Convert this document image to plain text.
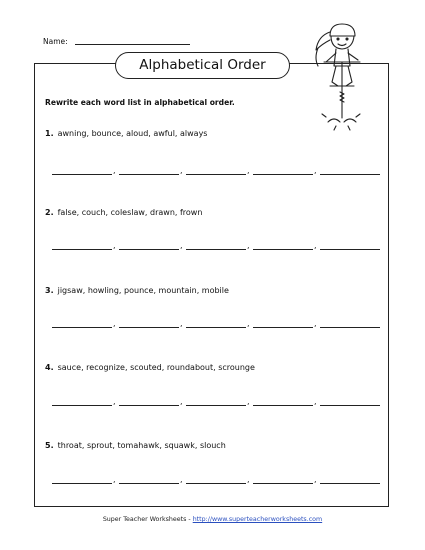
Name:
Alphabetical Order
Rewrite each word list in alphabetical order.
1. awning, bounce, aloud, awful, always
,	,	,	,
2. false, couch, coleslaw, drawn, frown
,	,	,	,
3. jigsaw, howling, pounce, mountain, mobile
,	,	,	,
4. sauce, recognize, scouted, roundabout, scrounge
,	,	,	,
5. throat, sprout, tomahawk, squawk, slouch
,	,	,	,
Super Teacher Worksheets - http://www.superteacherworksheets.com
